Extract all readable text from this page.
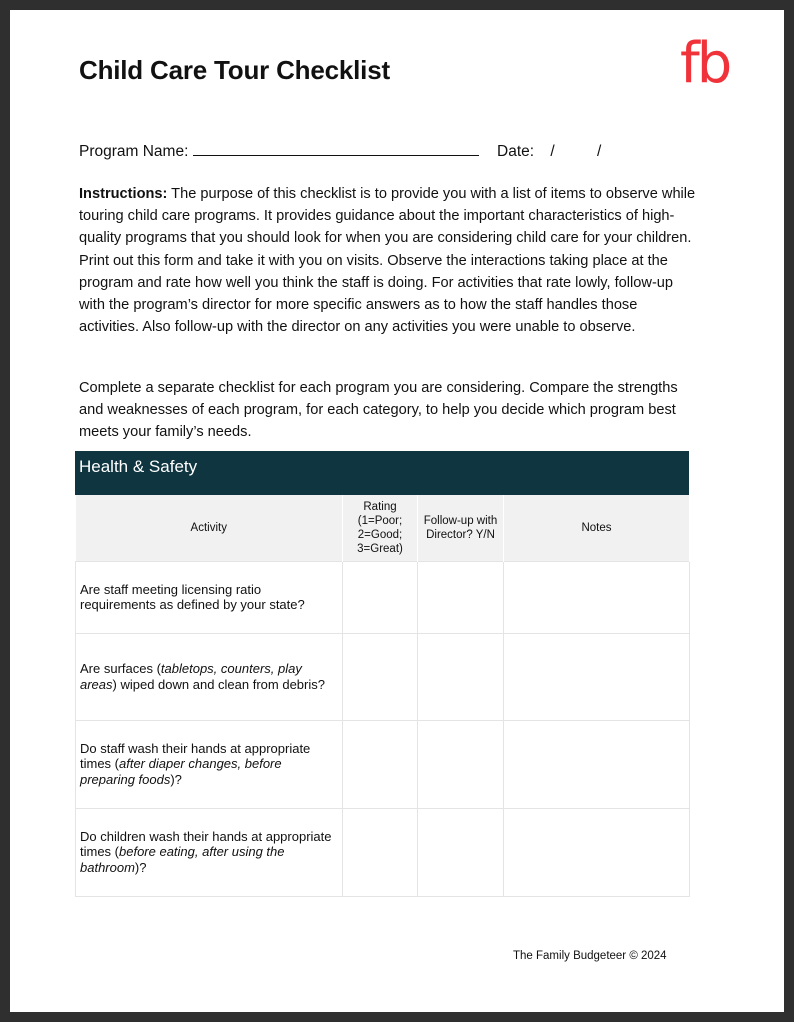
Child Care Tour Checklist	fb
Program Name:	Date: /	/
Instructions: The purpose of this checklist is to provide you with a list of items to observe while touring child care programs. It provides guidance about the important characteristics of high-quality programs that you should look for when you are considering child care for your children. Print out this form and take it with you on visits. Observe the interactions taking place at the program and rate how well you think the staff is doing. For activities that rate lowly, follow-up with the program’s director for more specific answers as to how the staff handles those activities. Also follow-up with the director on any activities you were unable to observe.
Complete a separate checklist for each program you are considering. Compare the strengths and weaknesses of each program, for each category, to help you decide which program best meets your family’s needs.
Health & Safety
Activity	Rating (1=Poor; 2=Good; 3=Great)	Follow-up with Director? Y/N	Notes
Are staff meeting licensing ratio requirements as defined by your state?			
Are surfaces (tabletops, counters, play areas) wiped down and clean from debris?			
Do staff wash their hands at appropriate times (after diaper changes, before preparing foods)?			
Do children wash their hands at appropriate times (before eating, after using the bathroom)?			
The Family Budgeteer © 2024
